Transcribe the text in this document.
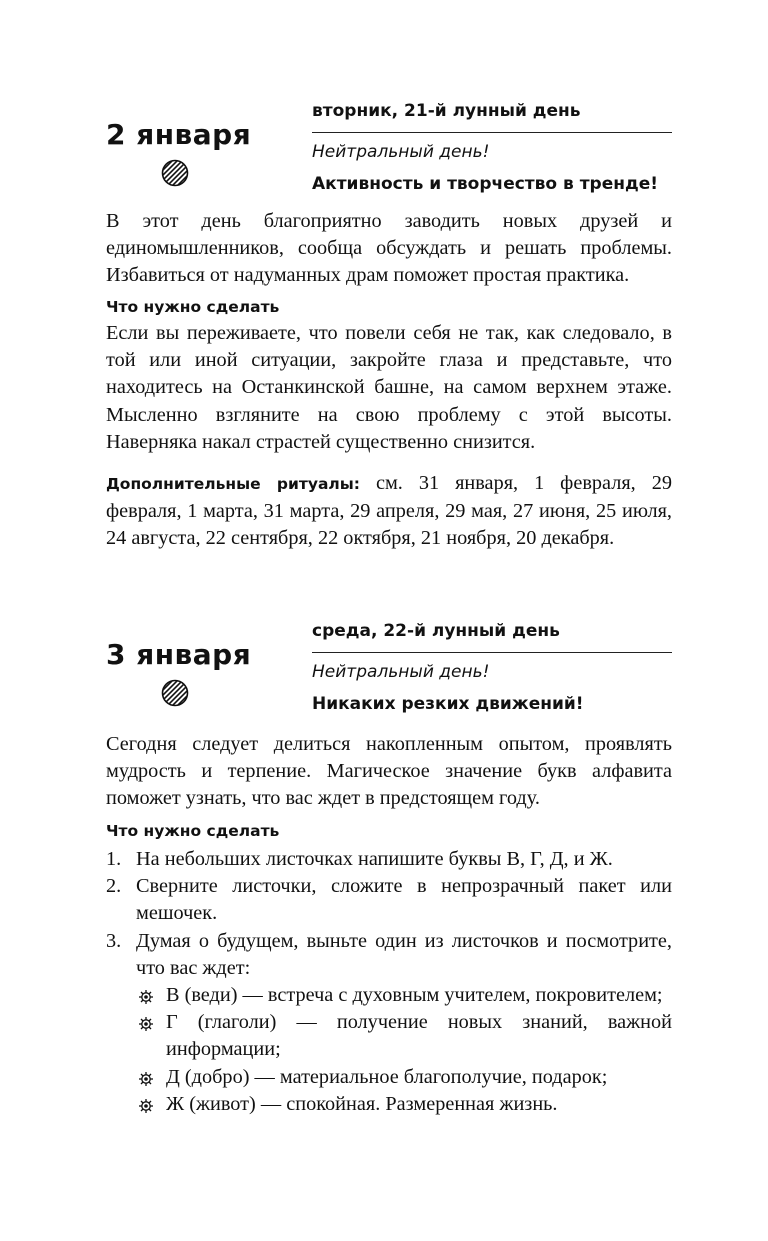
2 января
вторник, 21-й лунный день
Нейтральный день!
Активность и творчество в тренде!

В этот день благоприятно заводить новых друзей и единомышленников, сообща обсуждать и решать проблемы. Избавиться от надуманных драм поможет простая практика.

Что нужно сделать

Если вы переживаете, что повели себя не так, как следовало, в той или иной ситуации, закройте глаза и представьте, что находитесь на Останкинской башне, на самом верхнем этаже. Мысленно взгляните на свою проблему с этой высоты. Наверняка накал страстей существенно снизится.

Дополнительные ритуалы: см. 31 января, 1 февраля, 29 февраля, 1 марта, 31 марта, 29 апреля, 29 мая, 27 июня, 25 июля, 24 августа, 22 сентября, 22 октября, 21 ноября, 20 декабря.

3 января
среда, 22-й лунный день
Нейтральный день!
Никаких резких движений!

Сегодня следует делиться накопленным опытом, проявлять мудрость и терпение. Магическое значение букв алфавита поможет узнать, что вас ждет в предстоящем году.

Что нужно сделать
1. На небольших листочках напишите буквы В, Г, Д, и Ж.
2. Сверните листочки, сложите в непрозрачный пакет или мешочек.
3. Думая о будущем, выньте один из листочков и посмотрите, что вас ждет:
В (веди) — встреча с духовным учителем, покровителем;
Г (глаголи) — получение новых знаний, важной информации;
Д (добро) — материальное благополучие, подарок;
Ж (живот) — спокойная. Размеренная жизнь.
